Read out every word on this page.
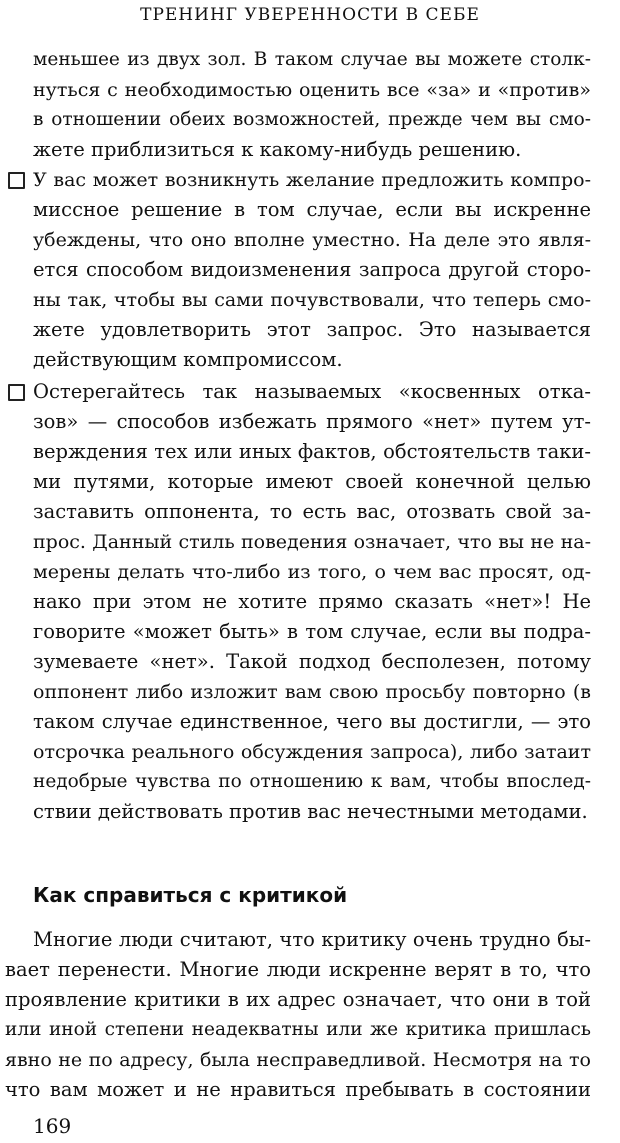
ТРЕНИНГ УВЕРЕННОСТИ В СЕБЕ
меньшее из двух зол. В таком случае вы можете столк-
нуться с необходимостью оценить все «за» и «против»
в отношении обеих возможностей, прежде чем вы смо-
жете приблизиться к какому-нибудь решению.
У вас может возникнуть желание предложить компро-
миссное решение в том случае, если вы искренне
убеждены, что оно вполне уместно. На деле это явля-
ется способом видоизменения запроса другой сторо-
ны так, чтобы вы сами почувствовали, что теперь смо-
жете удовлетворить этот запрос. Это называется
действующим компромиссом.
Остерегайтесь так называемых «косвенных отка-
зов» — способов избежать прямого «нет» путем ут-
верждения тех или иных фактов, обстоятельств таки-
ми путями, которые имеют своей конечной целью
заставить оппонента, то есть вас, отозвать свой за-
прос. Данный стиль поведения означает, что вы не на-
мерены делать что-либо из того, о чем вас просят, од-
нако при этом не хотите прямо сказать «нет»! Не
говорите «может быть» в том случае, если вы подра-
зумеваете «нет». Такой подход бесполезен, потому
оппонент либо изложит вам свою просьбу повторно (в
таком случае единственное, чего вы достигли, — это
отсрочка реального обсуждения запроса), либо затаит
недобрые чувства по отношению к вам, чтобы впослед-
ствии действовать против вас нечестными методами.
Как справиться с критикой
Многие люди считают, что критику очень трудно бы-
вает перенести. Многие люди искренне верят в то, что
проявление критики в их адрес означает, что они в той
или иной степени неадекватны или же критика пришлась
явно не по адресу, была несправедливой. Несмотря на то
что вам может и не нравиться пребывать в состоянии
169
